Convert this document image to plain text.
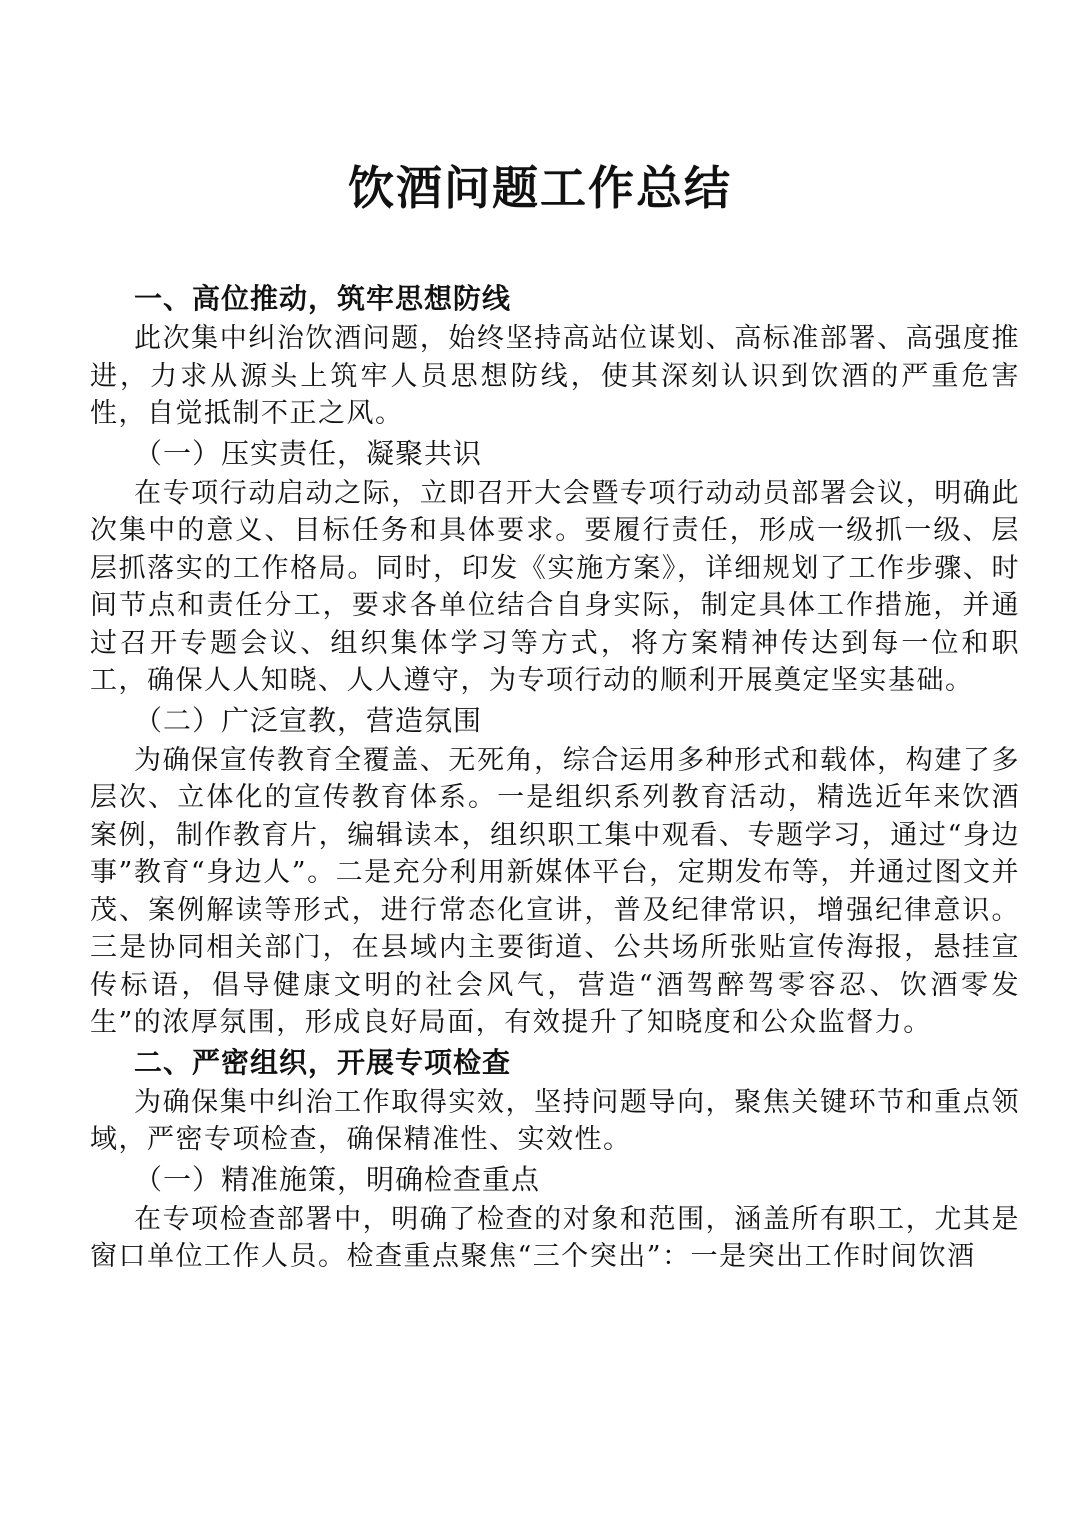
饮酒问题工作总结
一、高位推动，筑牢思想防线
此次集中纠治饮酒问题，始终坚持高站位谋划、高标准部署、高强度推进，力求从源头上筑牢人员思想防线，使其深刻认识到饮酒的严重危害性，自觉抵制不正之风。
（一）压实责任，凝聚共识
在专项行动启动之际，立即召开大会暨专项行动动员部署会议，明确此次集中的意义、目标任务和具体要求。要履行责任，形成一级抓一级、层层抓落实的工作格局。同时，印发《实施方案》，详细规划了工作步骤、时间节点和责任分工，要求各单位结合自身实际，制定具体工作措施，并通过召开专题会议、组织集体学习等方式，将方案精神传达到每一位和职工，确保人人知晓、人人遵守，为专项行动的顺利开展奠定坚实基础。
（二）广泛宣教，营造氛围
为确保宣传教育全覆盖、无死角，综合运用多种形式和载体，构建了多层次、立体化的宣传教育体系。一是组织系列教育活动，精选近年来饮酒案例，制作教育片，编辑读本，组织职工集中观看、专题学习，通过“身边事”教育“身边人”。二是充分利用新媒体平台，定期发布等，并通过图文并茂、案例解读等形式，进行常态化宣讲，普及纪律常识，增强纪律意识。三是协同相关部门，在县域内主要街道、公共场所张贴宣传海报，悬挂宣传标语，倡导健康文明的社会风气，营造“酒驾醉驾零容忍、饮酒零发生”的浓厚氛围，形成良好局面，有效提升了知晓度和公众监督力。
二、严密组织，开展专项检查
为确保集中纠治工作取得实效，坚持问题导向，聚焦关键环节和重点领域，严密专项检查，确保精准性、实效性。
（一）精准施策，明确检查重点
在专项检查部署中，明确了检查的对象和范围，涵盖所有职工，尤其是窗口单位工作人员。检查重点聚焦“三个突出”：一是突出工作时间饮酒
